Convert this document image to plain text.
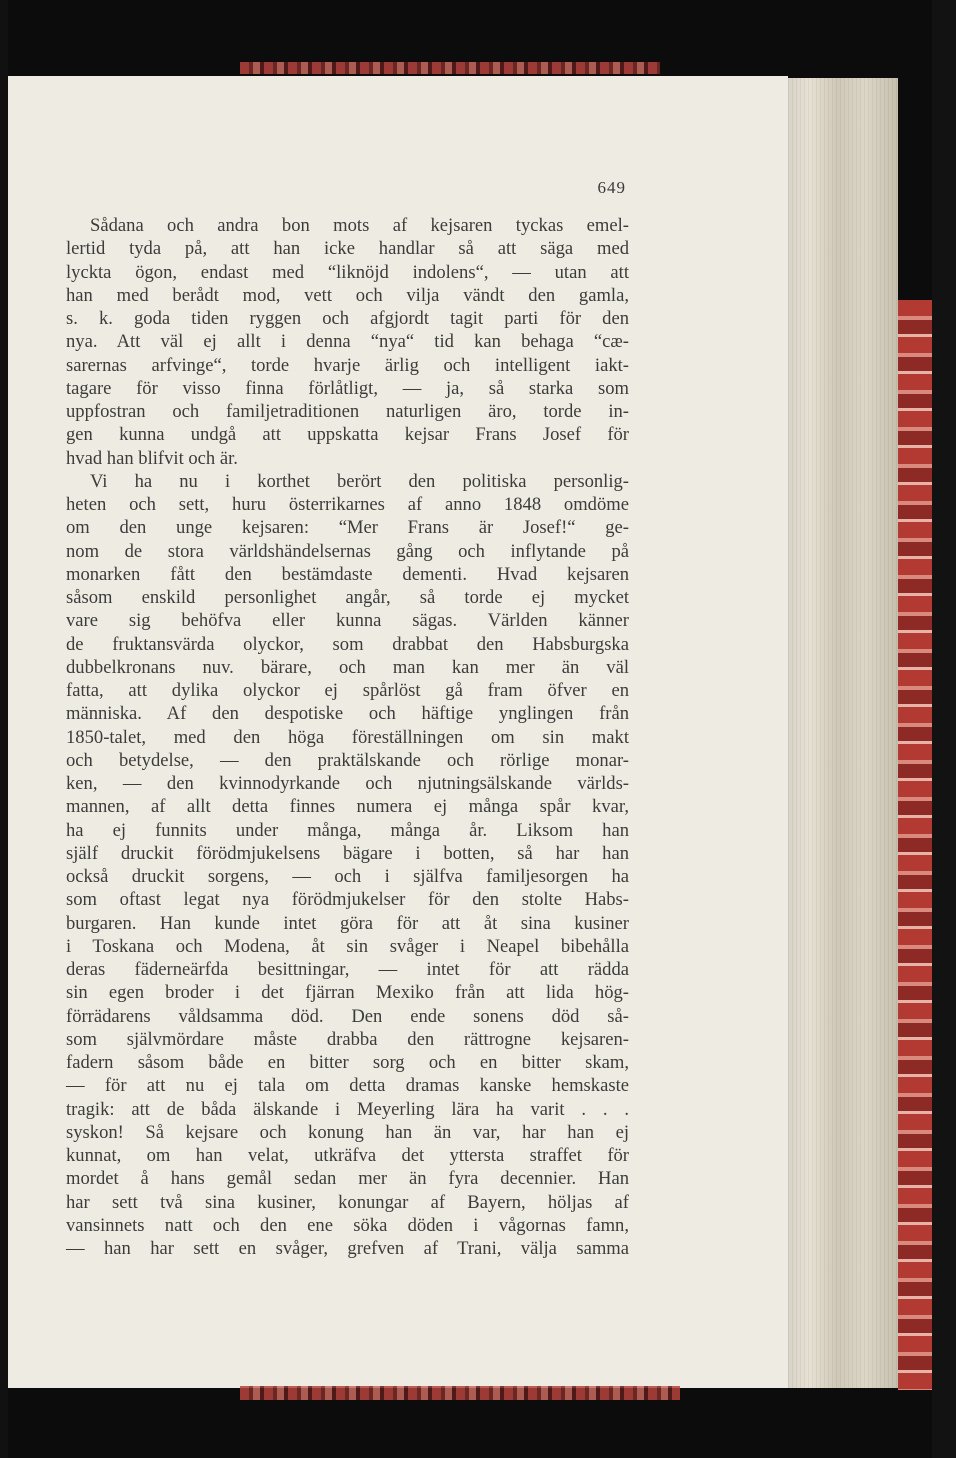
649
Sådana och andra bon mots af kejsaren tyckas emel-
lertid tyda på, att han icke handlar så att säga med
lyckta ögon, endast med “liknöjd indolens“, — utan att
han med berådt mod, vett och vilja vändt den gamla,
s. k. goda tiden ryggen och afgjordt tagit parti för den
nya. Att väl ej allt i denna “nya“ tid kan behaga “cæ-
sarernas arfvinge“, torde hvarje ärlig och intelligent iakt-
tagare för visso finna förlåtligt, — ja, så starka som
uppfostran och familjetraditionen naturligen äro, torde in-
gen kunna undgå att uppskatta kejsar Frans Josef för
hvad han blifvit och är.
Vi ha nu i korthet berört den politiska personlig-
heten och sett, huru österrikarnes af anno 1848 omdöme
om den unge kejsaren: “Mer Frans är Josef!“ ge-
nom de stora världshändelsernas gång och inflytande på
monarken fått den bestämdaste dementi. Hvad kejsaren
såsom enskild personlighet angår, så torde ej mycket
vare sig behöfva eller kunna sägas. Världen känner
de fruktansvärda olyckor, som drabbat den Habsburgska
dubbelkronans nuv. bärare, och man kan mer än väl
fatta, att dylika olyckor ej spårlöst gå fram öfver en
människa. Af den despotiske och häftige ynglingen från
1850-talet, med den höga föreställningen om sin makt
och betydelse, — den praktälskande och rörlige monar-
ken, — den kvinnodyrkande och njutningsälskande världs-
mannen, af allt detta finnes numera ej många spår kvar,
ha ej funnits under många, många år. Liksom han
själf druckit förödmjukelsens bägare i botten, så har han
också druckit sorgens, — och i själfva familjesorgen ha
som oftast legat nya förödmjukelser för den stolte Habs-
burgaren. Han kunde intet göra för att åt sina kusiner
i Toskana och Modena, åt sin svåger i Neapel bibehålla
deras fäderneärfda besittningar, — intet för att rädda
sin egen broder i det fjärran Mexiko från att lida hög-
förrädarens våldsamma död. Den ende sonens död så-
som självmördare måste drabba den rättrogne kejsaren-
fadern såsom både en bitter sorg och en bitter skam,
— för att nu ej tala om detta dramas kanske hemskaste
tragik: att de båda älskande i Meyerling lära ha varit . . .
syskon! Så kejsare och konung han än var, har han ej
kunnat, om han velat, utkräfva det yttersta straffet för
mordet å hans gemål sedan mer än fyra decennier. Han
har sett två sina kusiner, konungar af Bayern, höljas af
vansinnets natt och den ene söka döden i vågornas famn,
— han har sett en svåger, grefven af Trani, välja samma
